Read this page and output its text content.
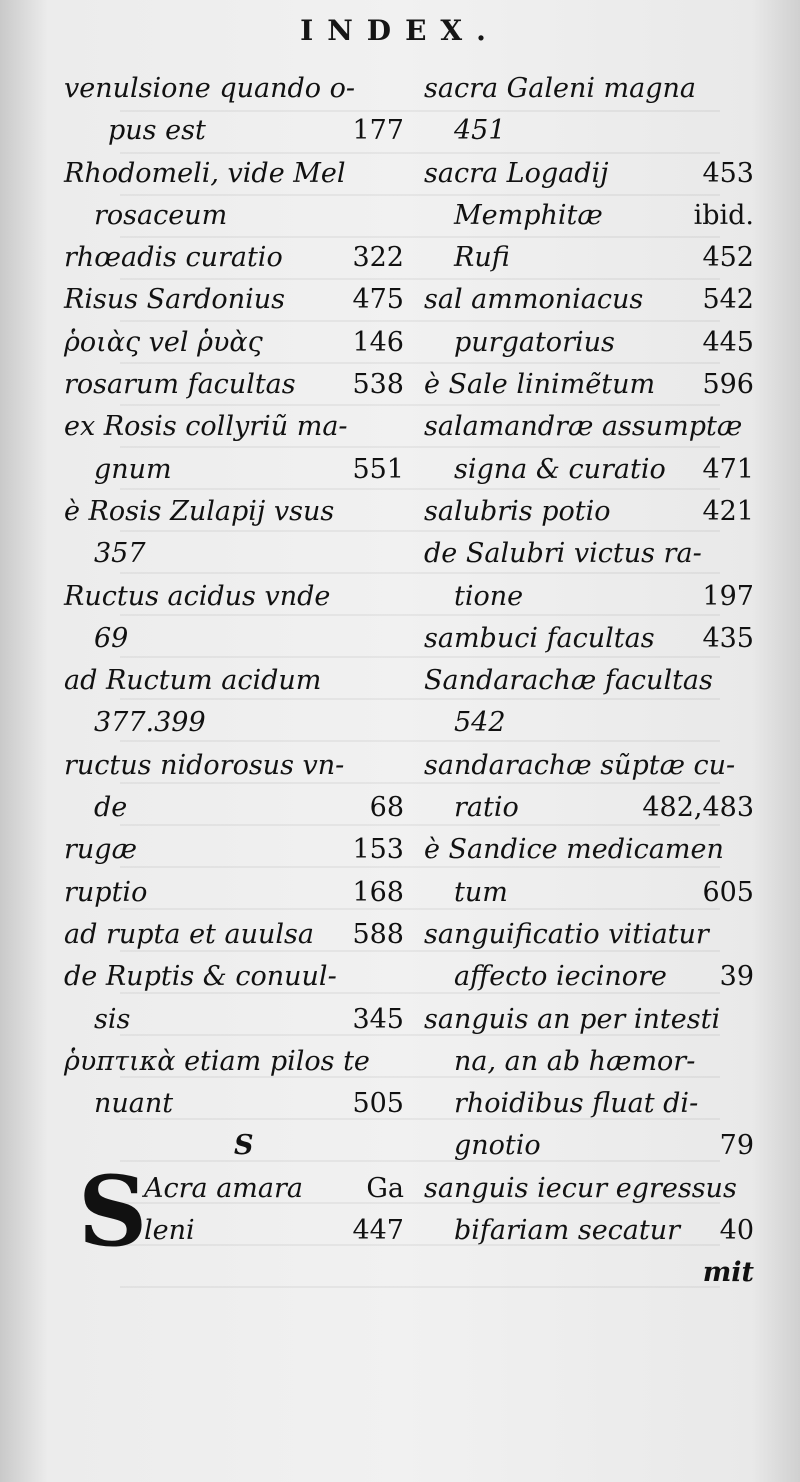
INDEX.
venulsione quando o-
pus est	177
Rhodomeli, vide Mel
rosaceum
rhœadis curatio	322
Risus Sardonius 475
ῥοιὰς vel ῥυὰς	146
rosarum facultas 538
ex Rosis collyriũ ma-
gnum	551
è Rosis Zulapij vsus
357
Ructus acidus vnde
69
ad Ructum acidum
377.399
ructus nidorosus vn-
de	68
rugæ	153
ruptio	168
ad rupta et auulsa 588
de Ruptis & conuul-
sis	345
ῥυπτικὰ etiam pilos te
nuant	505
S
S
Acra amara Ga
leni	447
sacra Galeni magna
451
sacra Logadij	453
Memphitæ	ibid.
Rufi	452
sal ammoniacus 542
purgatorius	445
è Sale linimẽtum 596
salamandræ assumptæ
signa & curatio 471
salubris potio	421
de Salubri victus ra-
tione	197
sambuci facultas 435
Sandarachæ facultas
542
sandarachæ sũptæ cu-
ratio	482,483
è Sandice medicamen
tum	605
sanguificatio vitiatur
affecto iecinore 39
sanguis an per intesti
na, an ab hæmor-
rhoidibus fluat di-
gnotio	79
sanguis iecur egressus
bifariam secatur 40
mit
